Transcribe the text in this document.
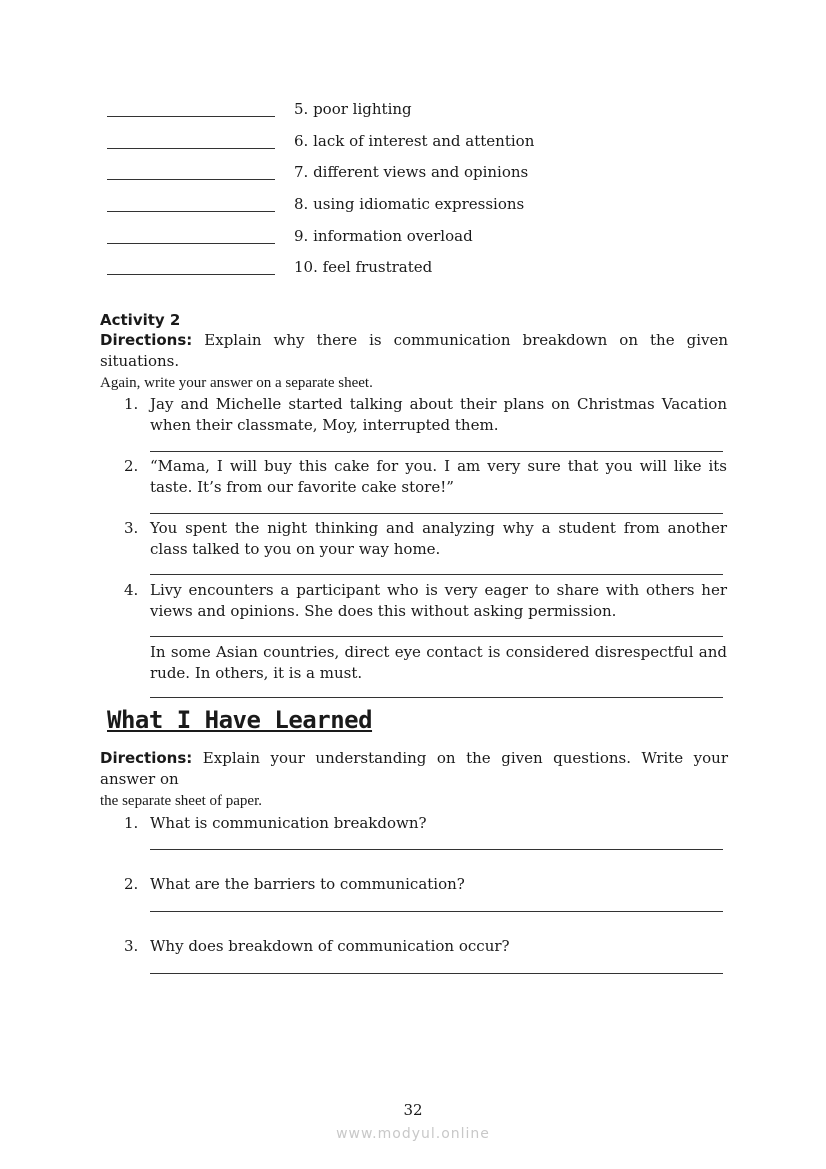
5. poor lighting
6. lack of interest and attention
7. different views and opinions
8. using idiomatic expressions
9. information overload
10. feel frustrated
Activity 2
Directions: Explain why there is communication breakdown on the given situations.
Again, write your answer on a separate sheet.
1. Jay and Michelle started talking about their plans on Christmas Vacation when their classmate, Moy, interrupted them.
2. “Mama, I will buy this cake for you. I am very sure that you will like its taste. It’s from our favorite cake store!”
3. You spent the night thinking and analyzing why a student from another class talked to you on your way home.
4. Livy encounters a participant who is very eager to share with others her views and opinions. She does this without asking permission.
In some Asian countries, direct eye contact is considered disrespectful and rude. In others, it is a must.
What I Have Learned
Directions: Explain your understanding on the given questions. Write your answer on
the separate sheet of paper.
1. What is communication breakdown?
2. What are the barriers to communication?
3. Why does breakdown of communication occur?
32
www.modyul.online
